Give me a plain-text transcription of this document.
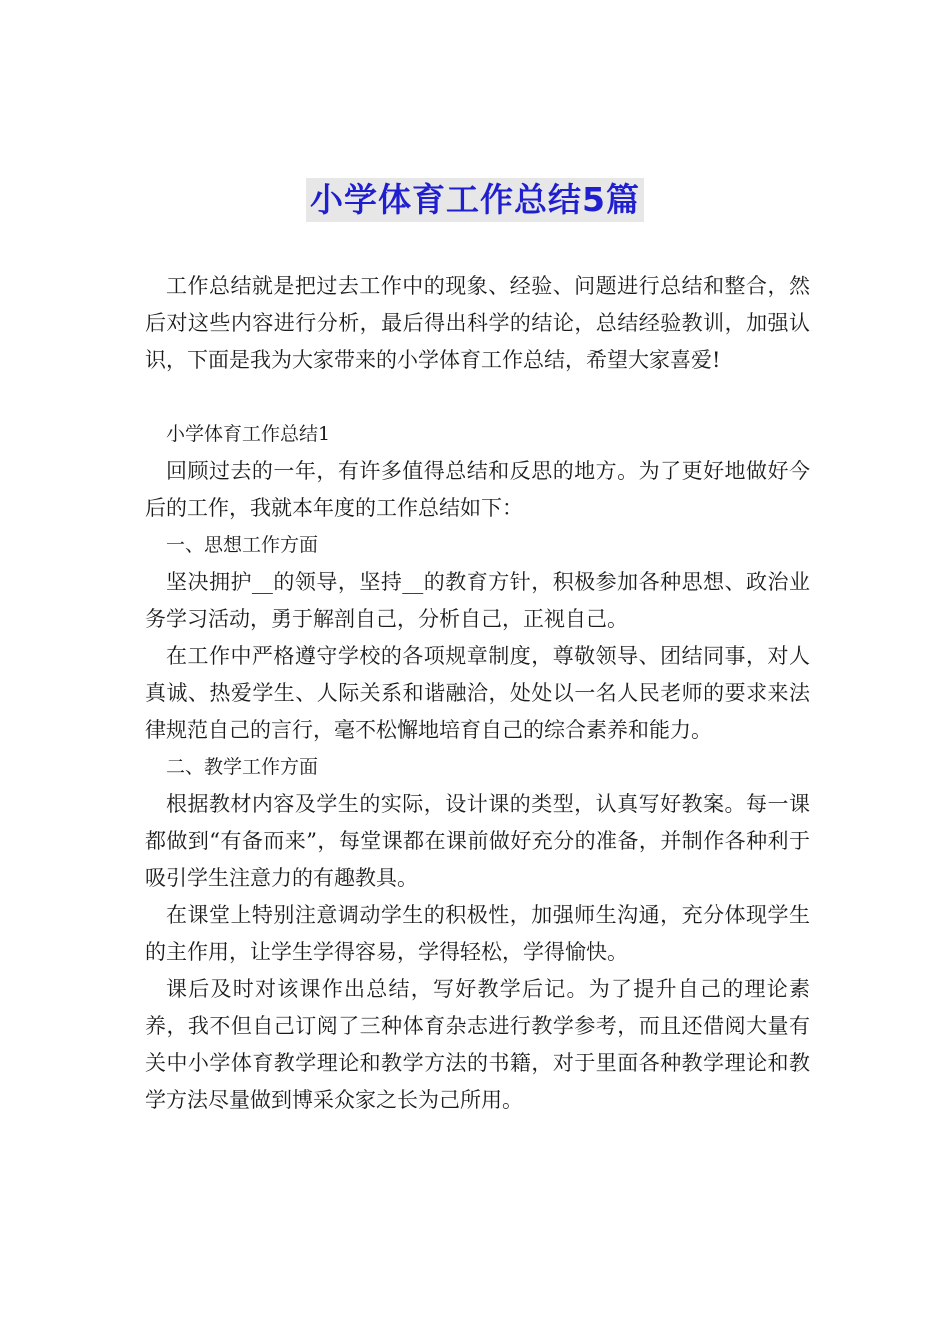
小学体育工作总结5篇

工作总结就是把过去工作中的现象、经验、问题进行总结和整合，然后对这些内容进行分析，最后得出科学的结论，总结经验教训，加强认识，下面是我为大家带来的小学体育工作总结，希望大家喜爱!

小学体育工作总结1

回顾过去的一年，有许多值得总结和反思的地方。为了更好地做好今后的工作，我就本年度的工作总结如下：

一、思想工作方面

坚决拥护__的领导，坚持__的教育方针，积极参加各种思想、政治业务学习活动，勇于解剖自己，分析自己，正视自己。

在工作中严格遵守学校的各项规章制度，尊敬领导、团结同事，对人真诚、热爱学生、人际关系和谐融洽，处处以一名人民老师的要求来法律规范自己的言行，毫不松懈地培育自己的综合素养和能力。

二、教学工作方面

根据教材内容及学生的实际，设计课的类型，认真写好教案。每一课都做到“有备而来”，每堂课都在课前做好充分的准备，并制作各种利于吸引学生注意力的有趣教具。

在课堂上特别注意调动学生的积极性，加强师生沟通，充分体现学生的主作用，让学生学得容易，学得轻松，学得愉快。

课后及时对该课作出总结，写好教学后记。为了提升自己的理论素养，我不但自己订阅了三种体育杂志进行教学参考，而且还借阅大量有关中小学体育教学理论和教学方法的书籍，对于里面各种教学理论和教学方法尽量做到博采众家之长为己所用。
